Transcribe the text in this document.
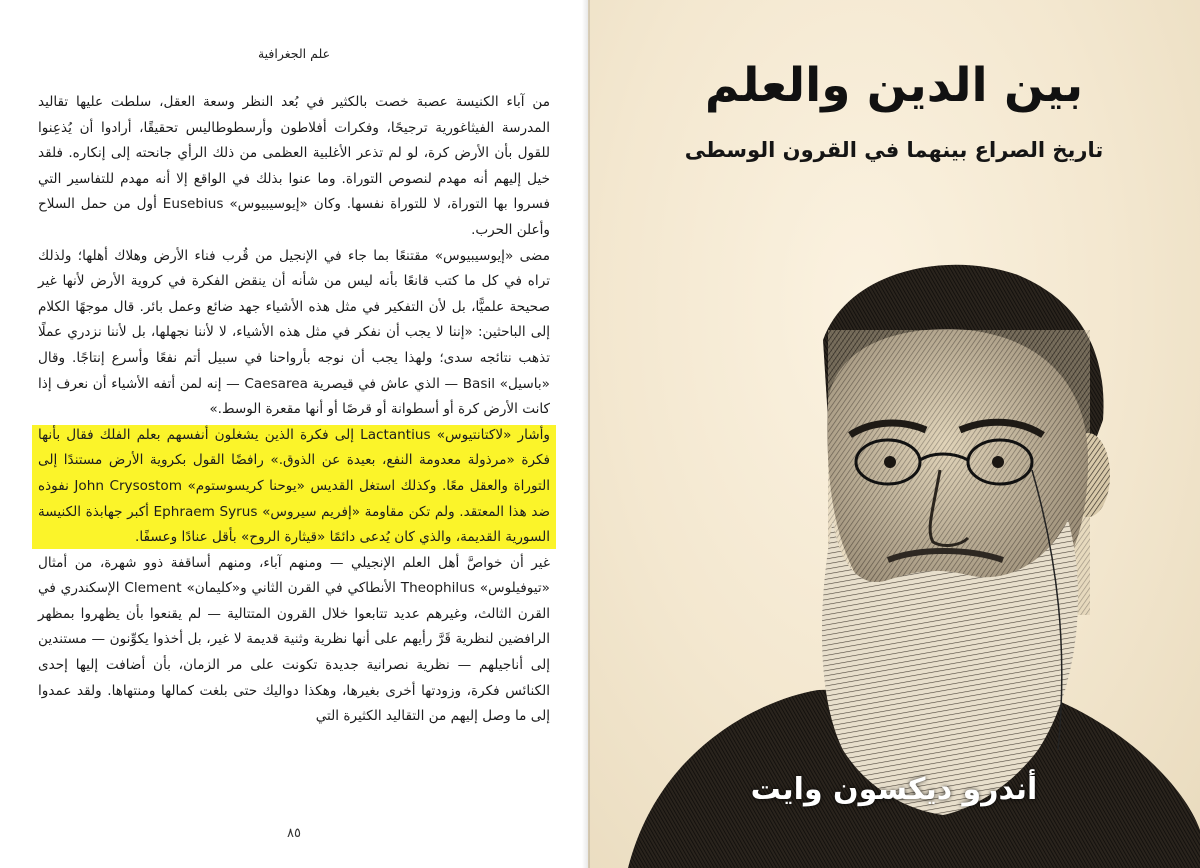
علم الجغرافية

من آباء الكنيسة عصبة خصت بالكثير في بُعد النظر وسعة العقل، سلطت عليها تقاليد المدرسة الفيثاغورية ترجيحًا، وفكرات أفلاطون وأرسطوطاليس تحقيقًا، أرادوا أن يُذعِنوا للقول بأن الأرض كرة، لو لم تذعر الأغلبية العظمى من ذلك الرأي جانحته إلى إنكاره. فلقد خيل إليهم أنه مهدم لنصوص التوراة. وما عنوا بذلك في الواقع إلا أنه مهدم للتفاسير التي فسروا بها التوراة، لا للتوراة نفسها. وكان «إيوسيبيوس» Eusebius أول من حمل السلاح وأعلن الحرب.

مضى «إيوسيبيوس» مقتنعًا بما جاء في الإنجيل من قُرب فناء الأرض وهلاك أهلها؛ ولذلك تراه في كل ما كتب قانعًا بأنه ليس من شأنه أن ينقض الفكرة في كروية الأرض لأنها غير صحيحة علميًّا، بل لأن التفكير في مثل هذه الأشياء جهد ضائع وعمل بائر. قال موجهًا الكلام إلى الباحثين: «إننا لا يجب أن نفكر في مثل هذه الأشياء، لا لأننا نجهلها، بل لأننا نزدري عملًا تذهب نتائجه سدى؛ ولهذا يجب أن نوجه بأرواحنا في سبيل أتم نفعًا وأسرع إنتاجًا. وقال «باسيل» Basil — الذي عاش في قيصرية Caesarea — إنه لمن أتفه الأشياء أن نعرف إذا كانت الأرض كرة أو أسطوانة أو قرصًا أو أنها مقعرة الوسط.»

وأشار «لاكتانتيوس» Lactantius إلى فكرة الذين يشغلون أنفسهم بعلم الفلك فقال بأنها فكرة «مرذولة معدومة النفع، بعيدة عن الذوق.» رافضًا القول بكروية الأرض مستندًا إلى التوراة والعقل معًا. وكذلك استغل القديس «يوحنا كريسوستوم» John Crysostom نفوذه ضد هذا المعتقد. ولم تكن مقاومة «إفريم سيروس» Ephraem Syrus أكبر جهابذة الكنيسة السورية القديمة، والذي كان يُدعى دائمًا «قيثارة الروح» بأقل عنادًا وعسفًا.

غير أن خواصَّ أهل العلم الإنجيلي — ومنهم آباء، ومنهم أساقفة ذوو شهرة، من أمثال «تيوفيلوس» Theophilus الأنطاكي في القرن الثاني و«كليمان» Clement الإسكندري في القرن الثالث، وغيرهم عديد تتابعوا خلال القرون المتتالية — لم يقنعوا بأن يظهروا بمظهر الرافضين لنظرية قَرَّ رأيهم على أنها نظرية وثنية قديمة لا غير، بل أخذوا يكوِّنون — مستندين إلى أناجيلهم — نظرية نصرانية جديدة تكونت على مر الزمان، بأن أضافت إليها إحدى الكنائس فكرة، وزودتها أخرى بغيرها، وهكذا دواليك حتى بلغت كمالها ومنتهاها. ولقد عمدوا إلى ما وصل إليهم من التقاليد الكثيرة التي

٨٥
بين الدين والعلم
تاريخ الصراع بينهما في القرون الوسطى
أندرو ديكسون وايت
